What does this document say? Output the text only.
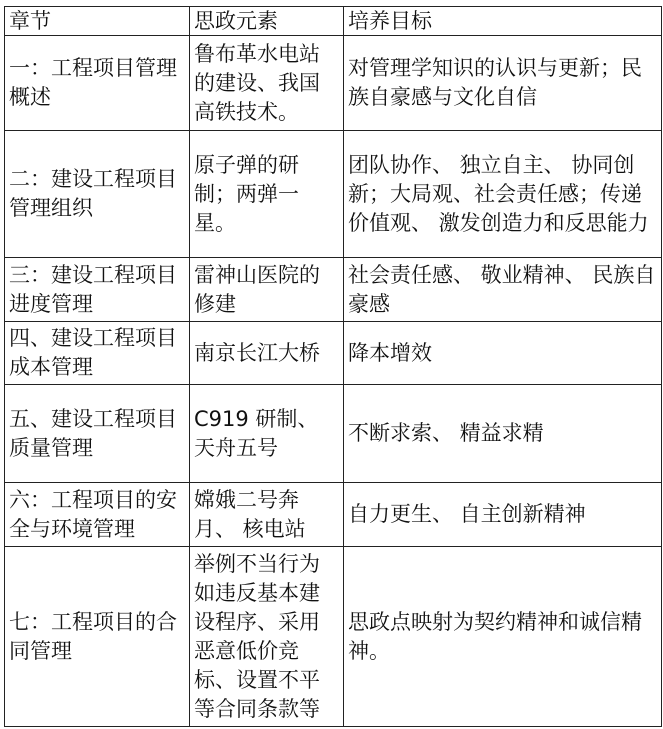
章节	思政元素	培养目标
一：工程项目管理概述	鲁布革水电站的建设、我国高铁技术。	对管理学知识的认识与更新；民族自豪感与文化自信
二：建设工程项目管理组织	原子弹的研制；两弹一星。	团队协作、 独立自主、 协同创新；大局观、社会责任感；传递价值观、 激发创造力和反思能力
三：建设工程项目进度管理	雷神山医院的修建	社会责任感、 敬业精神、 民族自豪感
四、建设工程项目成本管理	南京长江大桥	降本增效
五、建设工程项目质量管理	C919 研制、 天舟五号	不断求索、 精益求精
六：工程项目的安全与环境管理	嫦娥二号奔月、 核电站	自力更生、 自主创新精神
七：工程项目的合同管理	举例不当行为如违反基本建设程序、采用恶意低价竞标、设置不平等合同条款等	思政点映射为契约精神和诚信精神。
